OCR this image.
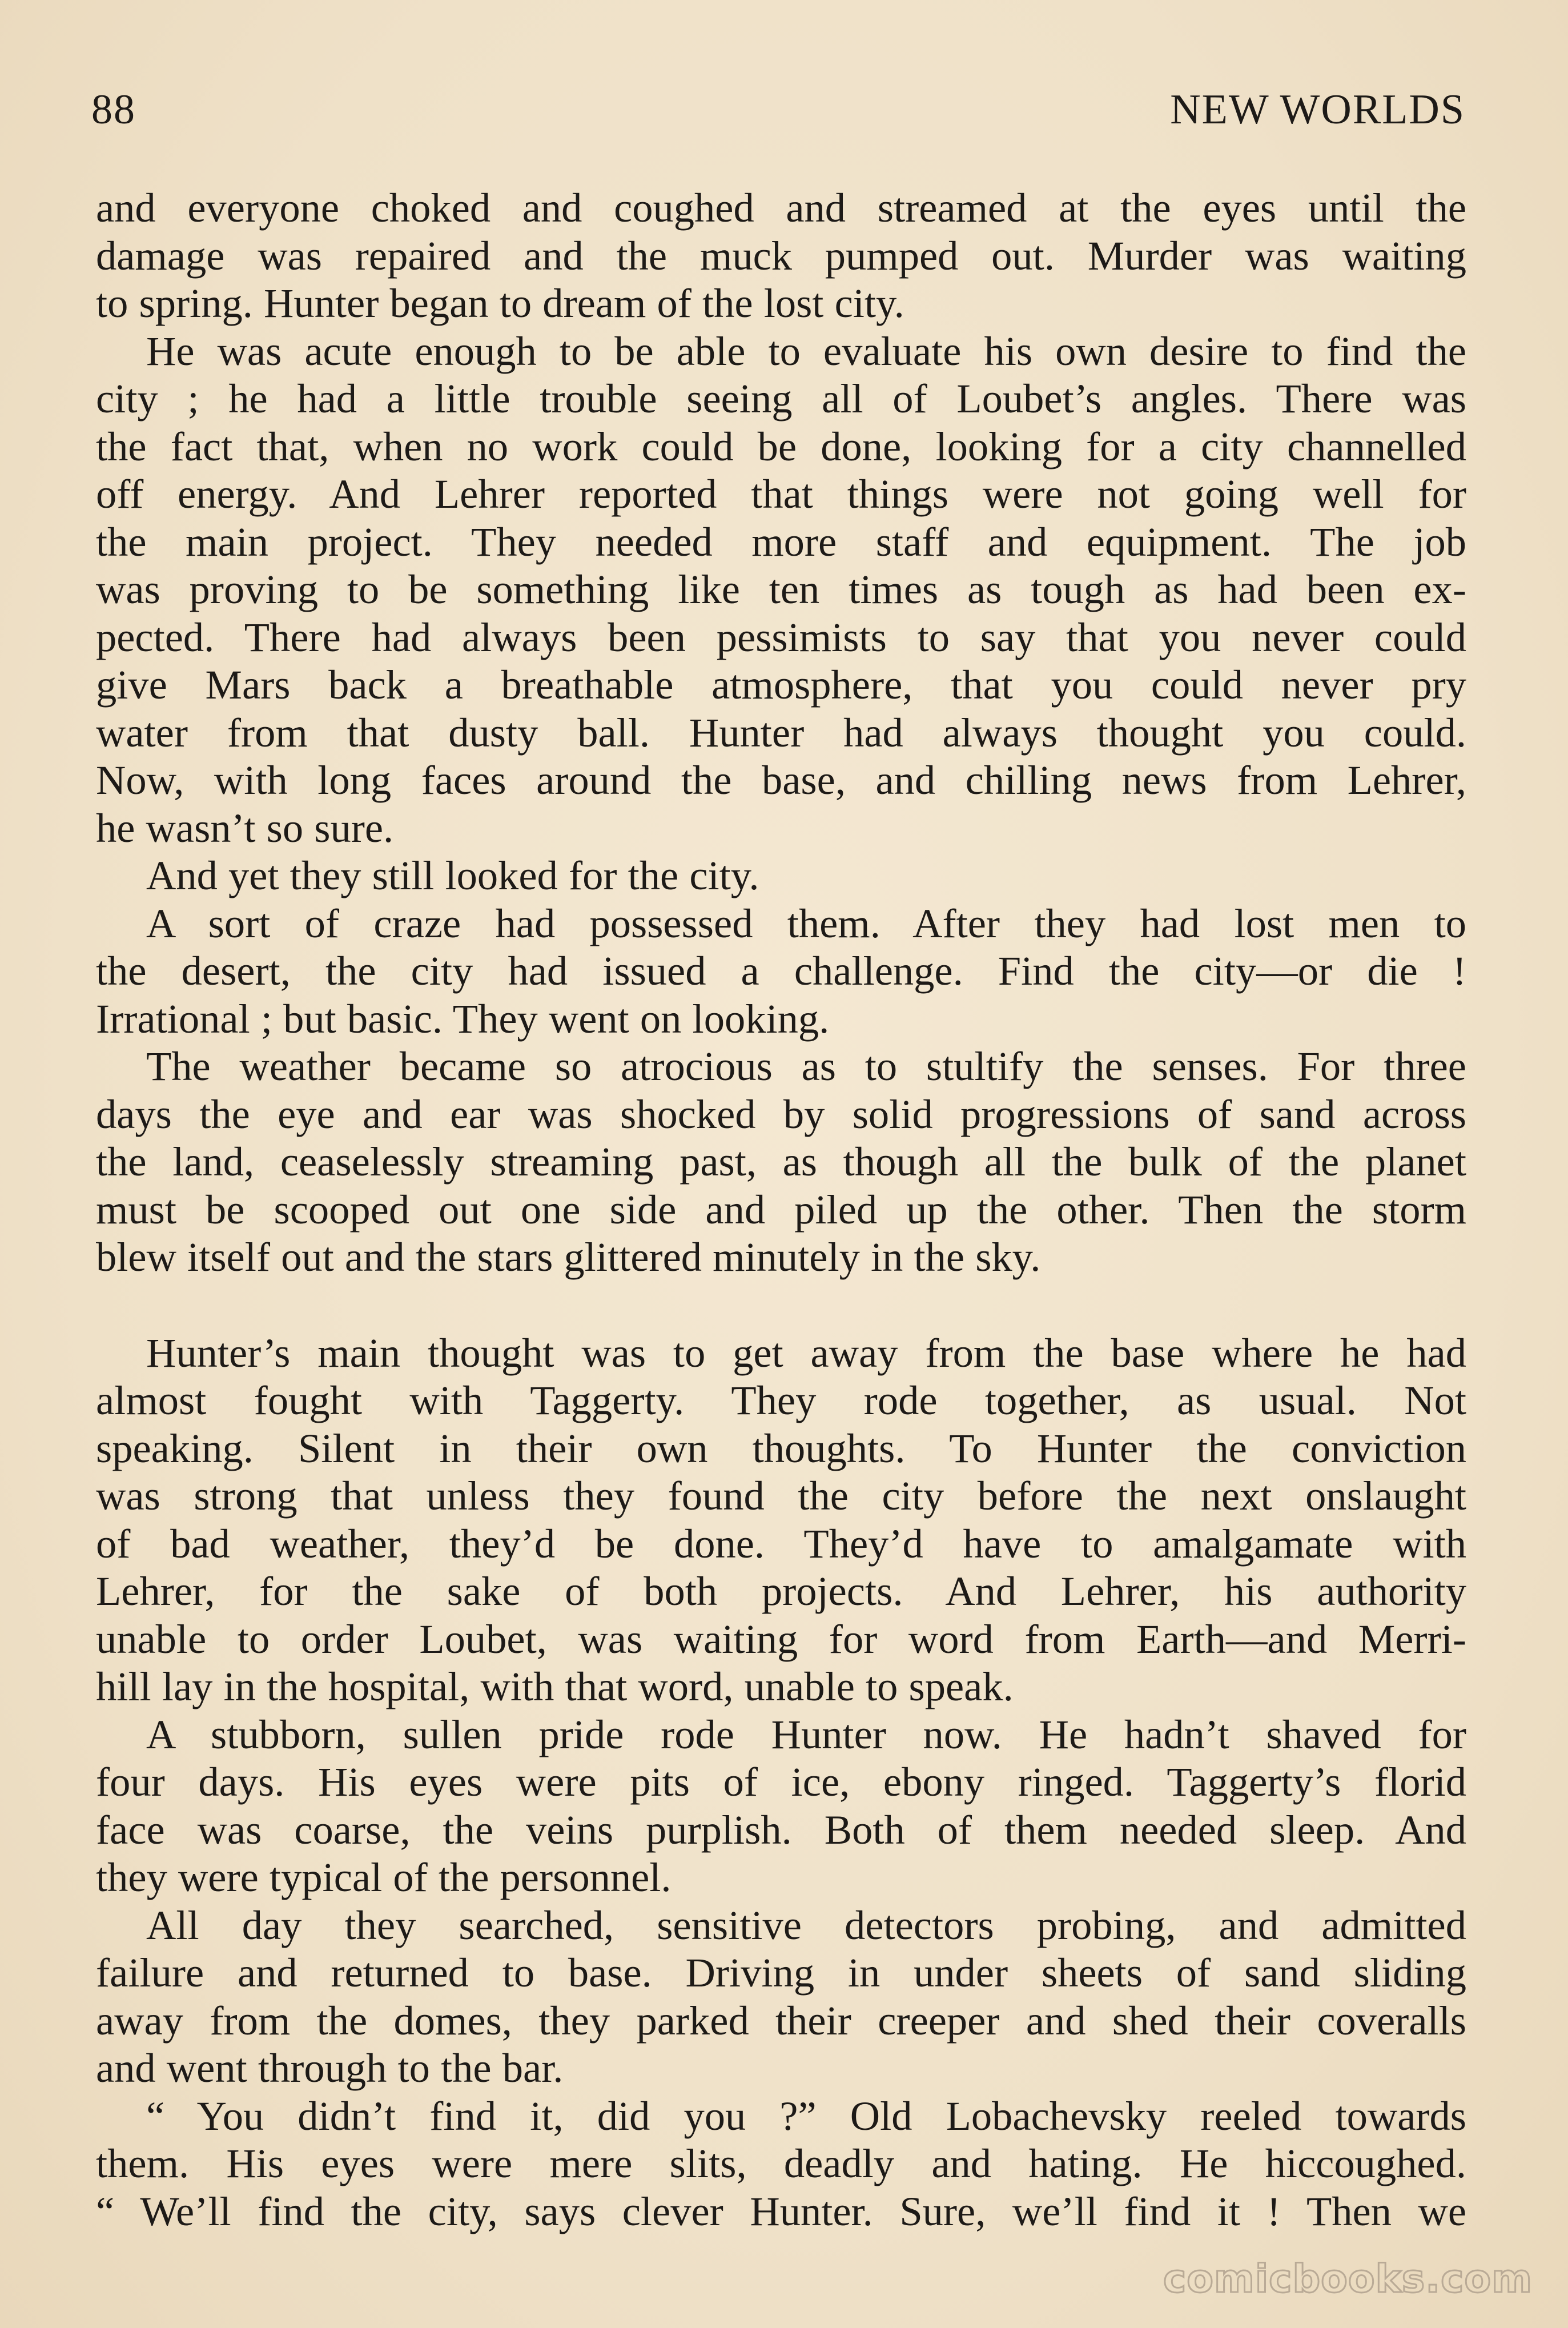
88	NEW WORLDS

and everyone choked and coughed and streamed at the eyes until the
damage was repaired and the muck pumped out. Murder was waiting
to spring. Hunter began to dream of the lost city.

He was acute enough to be able to evaluate his own desire to find the
city ; he had a little trouble seeing all of Loubet’s angles. There was
the fact that, when no work could be done, looking for a city channelled
off energy. And Lehrer reported that things were not going well for
the main project. They needed more staff and equipment. The job
was proving to be something like ten times as tough as had been ex-
pected. There had always been pessimists to say that you never could
give Mars back a breathable atmosphere, that you could never pry
water from that dusty ball. Hunter had always thought you could.
Now, with long faces around the base, and chilling news from Lehrer,
he wasn’t so sure.

And yet they still looked for the city.

A sort of craze had possessed them. After they had lost men to
the desert, the city had issued a challenge. Find the city—or die !
Irrational ; but basic. They went on looking.

The weather became so atrocious as to stultify the senses. For three
days the eye and ear was shocked by solid progressions of sand across
the land, ceaselessly streaming past, as though all the bulk of the planet
must be scooped out one side and piled up the other. Then the storm
blew itself out and the stars glittered minutely in the sky.

Hunter’s main thought was to get away from the base where he had
almost fought with Taggerty. They rode together, as usual. Not
speaking. Silent in their own thoughts. To Hunter the conviction
was strong that unless they found the city before the next onslaught
of bad weather, they’d be done. They’d have to amalgamate with
Lehrer, for the sake of both projects. And Lehrer, his authority
unable to order Loubet, was waiting for word from Earth—and Merri-
hill lay in the hospital, with that word, unable to speak.

A stubborn, sullen pride rode Hunter now. He hadn’t shaved for
four days. His eyes were pits of ice, ebony ringed. Taggerty’s florid
face was coarse, the veins purplish. Both of them needed sleep. And
they were typical of the personnel.

All day they searched, sensitive detectors probing, and admitted
failure and returned to base. Driving in under sheets of sand sliding
away from the domes, they parked their creeper and shed their coveralls
and went through to the bar.

“ You didn’t find it, did you ?” Old Lobachevsky reeled towards
them. His eyes were mere slits, deadly and hating. He hiccoughed.
“ We’ll find the city, says clever Hunter. Sure, we’ll find it ! Then we

comicbooks.com
